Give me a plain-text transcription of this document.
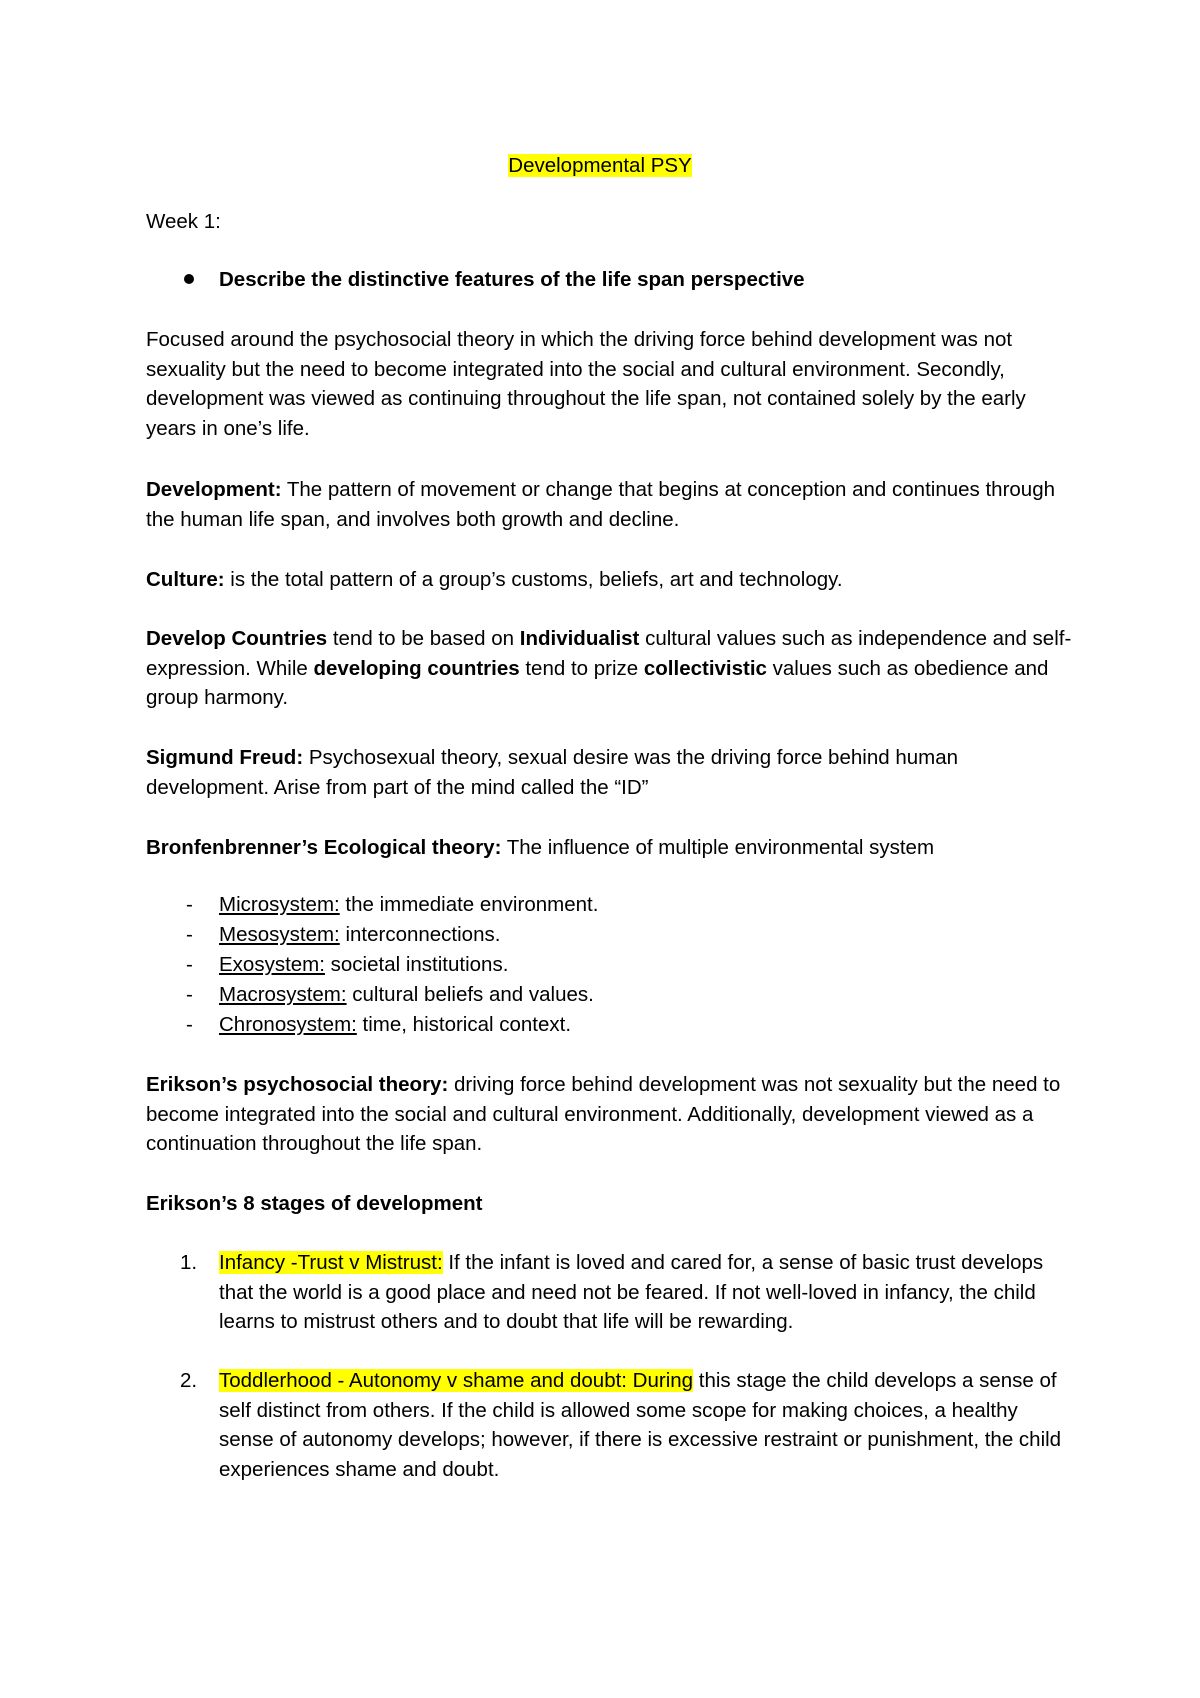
Developmental PSY

Week 1:

Describe the distinctive features of the life span perspective

Focused around the psychosocial theory in which the driving force behind development was not sexuality but the need to become integrated into the social and cultural environment. Secondly, development was viewed as continuing throughout the life span, not contained solely by the early years in one’s life.

Development: The pattern of movement or change that begins at conception and continues through the human life span, and involves both growth and decline.

Culture: is the total pattern of a group’s customs, beliefs, art and technology.

Develop Countries tend to be based on Individualist cultural values such as independence and self-expression. While developing countries tend to prize collectivistic values such as obedience and group harmony.

Sigmund Freud: Psychosexual theory, sexual desire was the driving force behind human development. Arise from part of the mind called the “ID”

Bronfenbrenner’s Ecological theory: The influence of multiple environmental system

- Microsystem: the immediate environment.
- Mesosystem: interconnections.
- Exosystem: societal institutions.
- Macrosystem: cultural beliefs and values.
- Chronosystem: time, historical context.

Erikson’s psychosocial theory: driving force behind development was not sexuality but the need to become integrated into the social and cultural environment. Additionally, development viewed as a continuation throughout the life span.

Erikson’s 8 stages of development

1. Infancy -Trust v Mistrust: If the infant is loved and cared for, a sense of basic trust develops that the world is a good place and need not be feared. If not well-loved in infancy, the child learns to mistrust others and to doubt that life will be rewarding.

2. Toddlerhood - Autonomy v shame and doubt: During this stage the child develops a sense of self distinct from others. If the child is allowed some scope for making choices, a healthy sense of autonomy develops; however, if there is excessive restraint or punishment, the child experiences shame and doubt.
